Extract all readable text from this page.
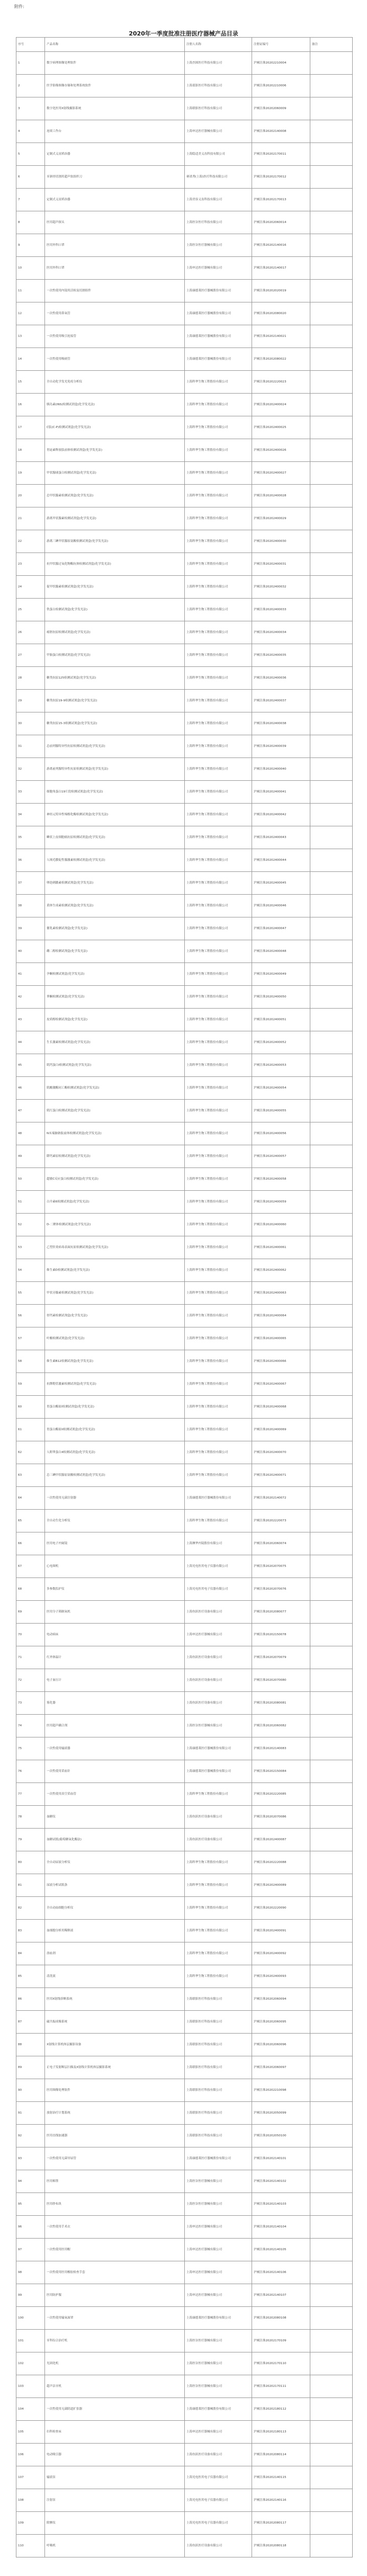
附件:
2020年一季度批准注册医疗器械产品目录
序号	产品名称	注册人名称	注册证编号	备注
1	数字病理图像处理软件	上海杰图医疗科技有限公司	沪械注准20202210004	
2	医学影像图像存储和处理系统软件	上海蓝影医疗科技有限公司	沪械注准20202210006	
3	数字化医用X射线摄影系统	上海联影医疗科技有限公司	沪械注准20202060009	
4	连续工作台	上海申达医疗器械有限公司	沪械注准20202140008	
5	定制式义齿矫治器	上海隐适美义齿科技有限公司	沪械注准20202170011	
6	牙颌骨切割用超声软组织刀	赛诺秀(上海)医疗科技有限公司	沪械注准20202170012	
7	定制式义齿矫治器	上海美容义齿科技有限公司	沪械注准20202170013	
8	医用超声探头	上海医谷医疗科技有限公司	沪械注准20202060014	
9	医用外科口罩	上海医谷医疗器械有限公司	沪械注准20202140016	
10	医用外科口罩	上海申达医疗器械有限公司	沪械注准20202140017	
11	一次性使用内镜用活检及切割组件	上海康德莱医疗器械股份有限公司	沪械注准20202020019	
12	一次性使用鼻氧管	上海康德莱医疗器械股份有限公司	沪械注准20202080020	
13	一次性使用吸引连接管	上海康德莱医疗器械股份有限公司	沪械注准20202140021	
14	一次性使用吸痰管	上海康德莱医疗器械股份有限公司	沪械注准20202080022	
15	全自动化学发光免疫分析仪	上海科华生物工程股份有限公司	沪械注准20202220023	
16	胰岛素(INS)检测试剂盒(化学发光法)	上海科华生物工程股份有限公司	沪械注准20202400024	
17	C肽(C-P)检测试剂盒(化学发光法)	上海科华生物工程股份有限公司	沪械注准20202400025	
18	胃泌素释放肽前体检测试剂盒(化学发光法)	上海科华生物工程股份有限公司	沪械注准20202400026	
19	甲状腺球蛋白检测试剂盒(化学发光法)	上海科华生物工程股份有限公司	沪械注准20202400027	
20	总甲状腺素检测试剂盒(化学发光法)	上海科华生物工程股份有限公司	沪械注准20202400028	
21	游离甲状腺素检测试剂盒(化学发光法)	上海科华生物工程股份有限公司	沪械注准20202400029	
22	游离三碘甲状腺原氨酸检测试剂盒(化学发光法)	上海科华生物工程股份有限公司	沪械注准20202400030	
23	抗甲状腺过氧化物酶抗体检测试剂盒(化学发光法)	上海科华生物工程股份有限公司	沪械注准20202400031	
24	促甲状腺素检测试剂盒(化学发光法)	上海科华生物工程股份有限公司	沪械注准20202400032	
25	铁蛋白检测试剂盒(化学发光法)	上海科华生物工程股份有限公司	沪械注准20202400033	
26	癌胚抗原检测试剂盒(化学发光法)	上海科华生物工程股份有限公司	沪械注准20202400034	
27	甲胎蛋白检测试剂盒(化学发光法)	上海科华生物工程股份有限公司	沪械注准20202400035	
28	糖类抗原125检测试剂盒(化学发光法)	上海科华生物工程股份有限公司	沪械注准20202400036	
29	糖类抗原19-9检测试剂盒(化学发光法)	上海科华生物工程股份有限公司	沪械注准20202400037	
30	糖类抗原15-3检测试剂盒(化学发光法)	上海科华生物工程股份有限公司	沪械注准20202400038	
31	总前列腺特异性抗原检测试剂盒(化学发光法)	上海科华生物工程股份有限公司	沪械注准20202400039	
32	游离前列腺特异性抗原检测试剂盒(化学发光法)	上海科华生物工程股份有限公司	沪械注准20202400040	
33	细胞角蛋白19片段检测试剂盒(化学发光法)	上海科华生物工程股份有限公司	沪械注准20202400041	
34	神经元特异性烯醇化酶检测试剂盒(化学发光法)	上海科华生物工程股份有限公司	沪械注准20202400042	
35	鳞状上皮细胞癌抗原检测试剂盒(化学发光法)	上海科华生物工程股份有限公司	沪械注准20202400043	
36	人绒毛膜促性腺激素检测试剂盒(化学发光法)	上海科华生物工程股份有限公司	沪械注准20202400044	
37	卵泡刺激素检测试剂盒(化学发光法)	上海科华生物工程股份有限公司	沪械注准20202400045	
38	黄体生成素检测试剂盒(化学发光法)	上海科华生物工程股份有限公司	沪械注准20202400046	
39	催乳素检测试剂盒(化学发光法)	上海科华生物工程股份有限公司	沪械注准20202400047	
40	雌二醇检测试剂盒(化学发光法)	上海科华生物工程股份有限公司	沪械注准20202400048	
41	孕酮检测试剂盒(化学发光法)	上海科华生物工程股份有限公司	沪械注准20202400049	
42	睾酮检测试剂盒(化学发光法)	上海科华生物工程股份有限公司	沪械注准20202400050	
43	皮质醇检测试剂盒(化学发光法)	上海科华生物工程股份有限公司	沪械注准20202400051	
44	生长激素检测试剂盒(化学发光法)	上海科华生物工程股份有限公司	沪械注准20202400052	
45	肌钙蛋白I检测试剂盒(化学发光法)	上海科华生物工程股份有限公司	沪械注准20202400053	
46	肌酸激酶同工酶检测试剂盒(化学发光法)	上海科华生物工程股份有限公司	沪械注准20202400054	
47	肌红蛋白检测试剂盒(化学发光法)	上海科华生物工程股份有限公司	沪械注准20202400055	
48	N末端脑钠肽前体检测试剂盒(化学发光法)	上海科华生物工程股份有限公司	沪械注准20202400056	
49	降钙素原检测试剂盒(化学发光法)	上海科华生物工程股份有限公司	沪械注准20202400057	
50	超敏C反应蛋白检测试剂盒(化学发光法)	上海科华生物工程股份有限公司	沪械注准20202400058	
51	白介素6检测试剂盒(化学发光法)	上海科华生物工程股份有限公司	沪械注准20202400059	
52	D-二聚体检测试剂盒(化学发光法)	上海科华生物工程股份有限公司	沪械注准20202400060	
53	乙型肝炎病毒表面抗原检测试剂盒(化学发光法)	上海科华生物工程股份有限公司	沪械注准20202400061	
54	维生素D检测试剂盒(化学发光法)	上海科华生物工程股份有限公司	沪械注准20202400062	
55	甲状旁腺素检测试剂盒(化学发光法)	上海科华生物工程股份有限公司	沪械注准20202400063	
56	骨钙素检测试剂盒(化学发光法)	上海科华生物工程股份有限公司	沪械注准20202400064	
57	叶酸检测试剂盒(化学发光法)	上海科华生物工程股份有限公司	沪械注准20202400065	
58	维生素B12检测试剂盒(化学发光法)	上海科华生物工程股份有限公司	沪械注准20202400066	
59	抗缪勒管激素检测试剂盒(化学发光法)	上海科华生物工程股份有限公司	沪械注准20202400067	
60	胃蛋白酶原I检测试剂盒(化学发光法)	上海科华生物工程股份有限公司	沪械注准20202400068	
61	胃蛋白酶原II检测试剂盒(化学发光法)	上海科华生物工程股份有限公司	沪械注准20202400069	
62	人附睾蛋白4检测试剂盒(化学发光法)	上海科华生物工程股份有限公司	沪械注准20202400070	
63	总三碘甲状腺原氨酸检测试剂盒(化学发光法)	上海科华生物工程股份有限公司	沪械注准20202400071	
64	一次性使用无菌注射器	上海康德莱医疗器械股份有限公司	沪械注准20202140072	
65	全自动生化分析仪	上海科华生物工程股份有限公司	沪械注准20202220073	
66	医用电子内窥镜	上海澳华内镜股份有限公司	沪械注准20202060074	
67	心电图机	上海光电医用电子仪器有限公司	沪械注准20202070075	
68	多参数监护仪	上海光电医用电子仪器有限公司	沪械注准20202070076	
69	医用分子筛制氧机	上海鱼跃医疗设备有限公司	沪械注准20202080077	
70	电动病床	上海申达医疗器械有限公司	沪械注准20202150078	
71	红外体温计	上海鱼跃医疗设备有限公司	沪械注准20202070079	
72	电子血压计	上海鱼跃医疗设备有限公司	沪械注准20202070080	
73	雾化器	上海鱼跃医疗设备有限公司	沪械注准20202080081	
74	医用超声耦合剂	上海医谷医疗器械有限公司	沪械注准20202060082	
75	一次性使用输液器	上海康德莱医疗器械股份有限公司	沪械注准20202140083	
76	一次性使用采血针	上海康德莱医疗器械股份有限公司	沪械注准20202150084	
77	一次性使用真空采血管	上海科华生物工程股份有限公司	沪械注准20202220085	
78	血糖仪	上海鱼跃医疗设备有限公司	沪械注准20202070086	
79	血糖试纸(葡萄糖氧化酶法)	上海鱼跃医疗设备有限公司	沪械注准20202400087	
80	全自动尿液分析仪	上海科华生物工程股份有限公司	沪械注准20202220088	
81	尿液分析试纸条	上海科华生物工程股份有限公司	沪械注准20202400089	
82	全自动血细胞分析仪	上海科华生物工程股份有限公司	沪械注准20202220090	
83	血细胞分析用稀释液	上海科华生物工程股份有限公司	沪械注准20202400091	
84	溶血剂	上海科华生物工程股份有限公司	沪械注准20202400092	
85	清洗液	上海科华生物工程股份有限公司	沪械注准20202400093	
86	医用X射线诊断系统	上海联影医疗科技有限公司	沪械注准20202060094	
87	磁共振成像系统	上海联影医疗科技有限公司	沪械注准20202060095	
88	X射线计算机体层摄影设备	上海联影医疗科技有限公司	沪械注准20202060096	
89	正电子发射断层扫描及X射线计算机体层摄影系统	上海联影医疗科技有限公司	沪械注准20202060097	
90	医用图像处理软件	上海联影医疗科技有限公司	沪械注准20202210098	
91	放射治疗计划系统	上海联影医疗科技有限公司	沪械注准20202050099	
92	医用直线加速器	上海联影医疗科技有限公司	沪械注准20202050100	
93	一次性使用无菌导尿管	上海康德莱医疗器械股份有限公司	沪械注准20202140101	
94	医用棉签	上海医谷医疗器械有限公司	沪械注准20202140102	
95	医用纱布块	上海医谷医疗器械有限公司	沪械注准20202140103	
96	一次性使用手术衣	上海申达医疗器械有限公司	沪械注准20202140104	
97	一次性使用医用帽	上海申达医疗器械有限公司	沪械注准20202140105	
98	一次性使用医用橡胶检查手套	上海申达医疗器械有限公司	沪械注准20202140106	
99	医用防护服	上海申达医疗器械有限公司	沪械注准20202140107	
100	一次性使用输氧面罩	上海康德莱医疗器械股份有限公司	沪械注准20202080108	
101	牙科综合治疗机	上海医谷医疗器械有限公司	沪械注准20202170109	
102	光固化机	上海医谷医疗器械有限公司	沪械注准20202170110	
103	超声洁牙机	上海医谷医疗器械有限公司	沪械注准20202170111	
104	一次性使用无菌阴道扩张器	上海康德莱医疗器械股份有限公司	沪械注准20202180112	
105	妇科检查床	上海申达医疗器械有限公司	沪械注准20202180113	
106	电动吸引器	上海鱼跃医疗设备有限公司	沪械注准20202080114	
107	输液泵	上海光电医用电子仪器有限公司	沪械注准20202140115	
108	注射泵	上海光电医用电子仪器有限公司	沪械注准20202140116	
109	除颤仪	上海光电医用电子仪器有限公司	沪械注准20202080117	
110	呼吸机	上海鱼跃医疗设备有限公司	沪械注准20202080118	
